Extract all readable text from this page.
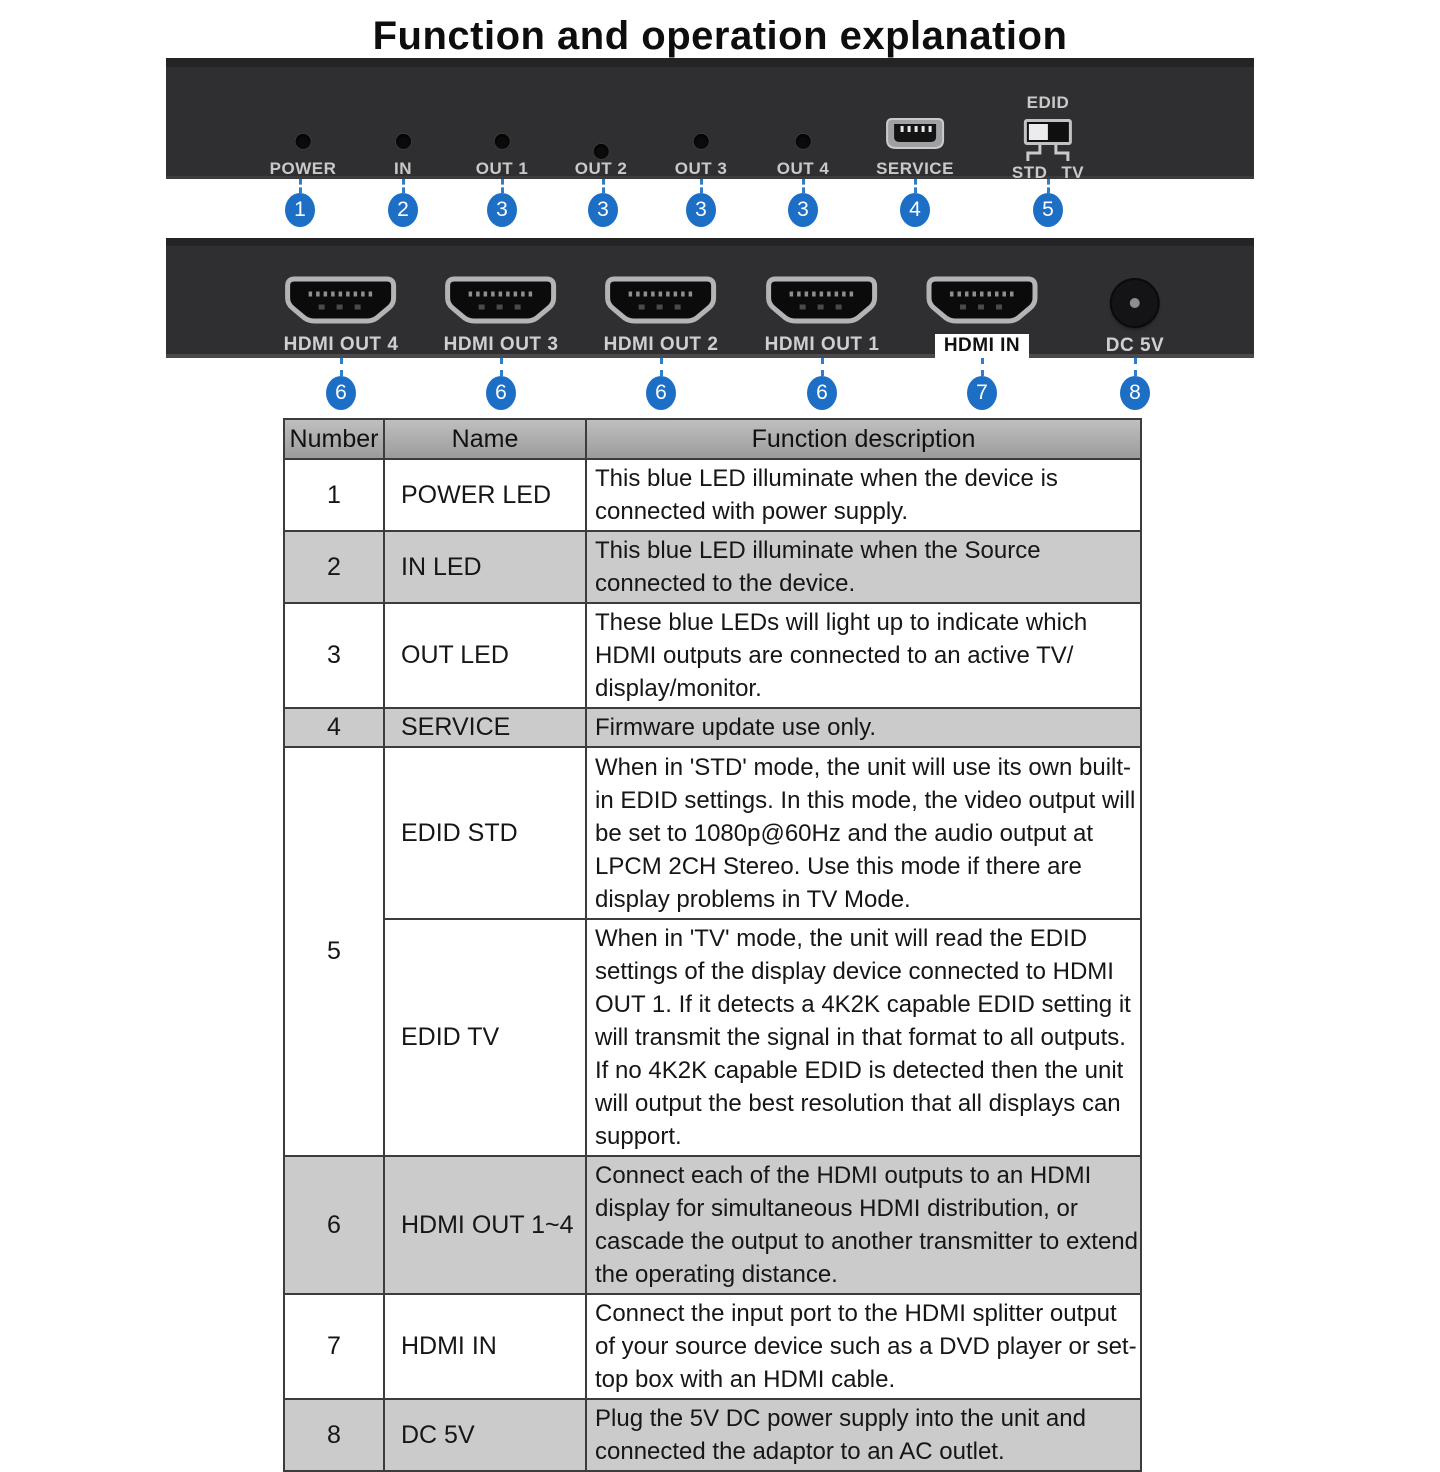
Function and operation explanation
POWER	IN	OUT 1	OUT 2	OUT 3	OUT 4	SERVICE
EDID
STD TV
1	2	3	3	3	3	4	5
HDMI OUT 4 HDMI OUT 3 HDMI OUT 2 HDMI OUT 1	HDMI IN	DC 5V
6	6	6	6	7	8
Number	Name	Function description
1	POWER LED	This blue LED illuminate when the device is connected with power supply.
2	IN LED	This blue LED illuminate when the Source connected to the device.
3	OUT LED	These blue LEDs will light up to indicate which HDMI outputs are connected to an active TV/ display/monitor.
4	SERVICE	Firmware update use only.
5	EDID STD	When in 'STD' mode, the unit will use its own built-in EDID settings. In this mode, the video output will be set to 1080p@60Hz and the audio output at LPCM 2CH Stereo. Use this mode if there are display problems in TV Mode.
	EDID TV	When in 'TV' mode, the unit will read the EDID settings of the display device connected to HDMI OUT 1. If it detects a 4K2K capable EDID setting it will transmit the signal in that format to all outputs. If no 4K2K capable EDID is detected then the unit will output the best resolution that all displays can support.
6	HDMI OUT 1~4	Connect each of the HDMI outputs to an HDMI display for simultaneous HDMI distribution, or cascade the output to another transmitter to extend the operating distance.
7	HDMI IN	Connect the input port to the HDMI splitter output of your source device such as a DVD player or set-top box with an HDMI cable.
8	DC 5V	Plug the 5V DC power supply into the unit and connected the adaptor to an AC outlet.
